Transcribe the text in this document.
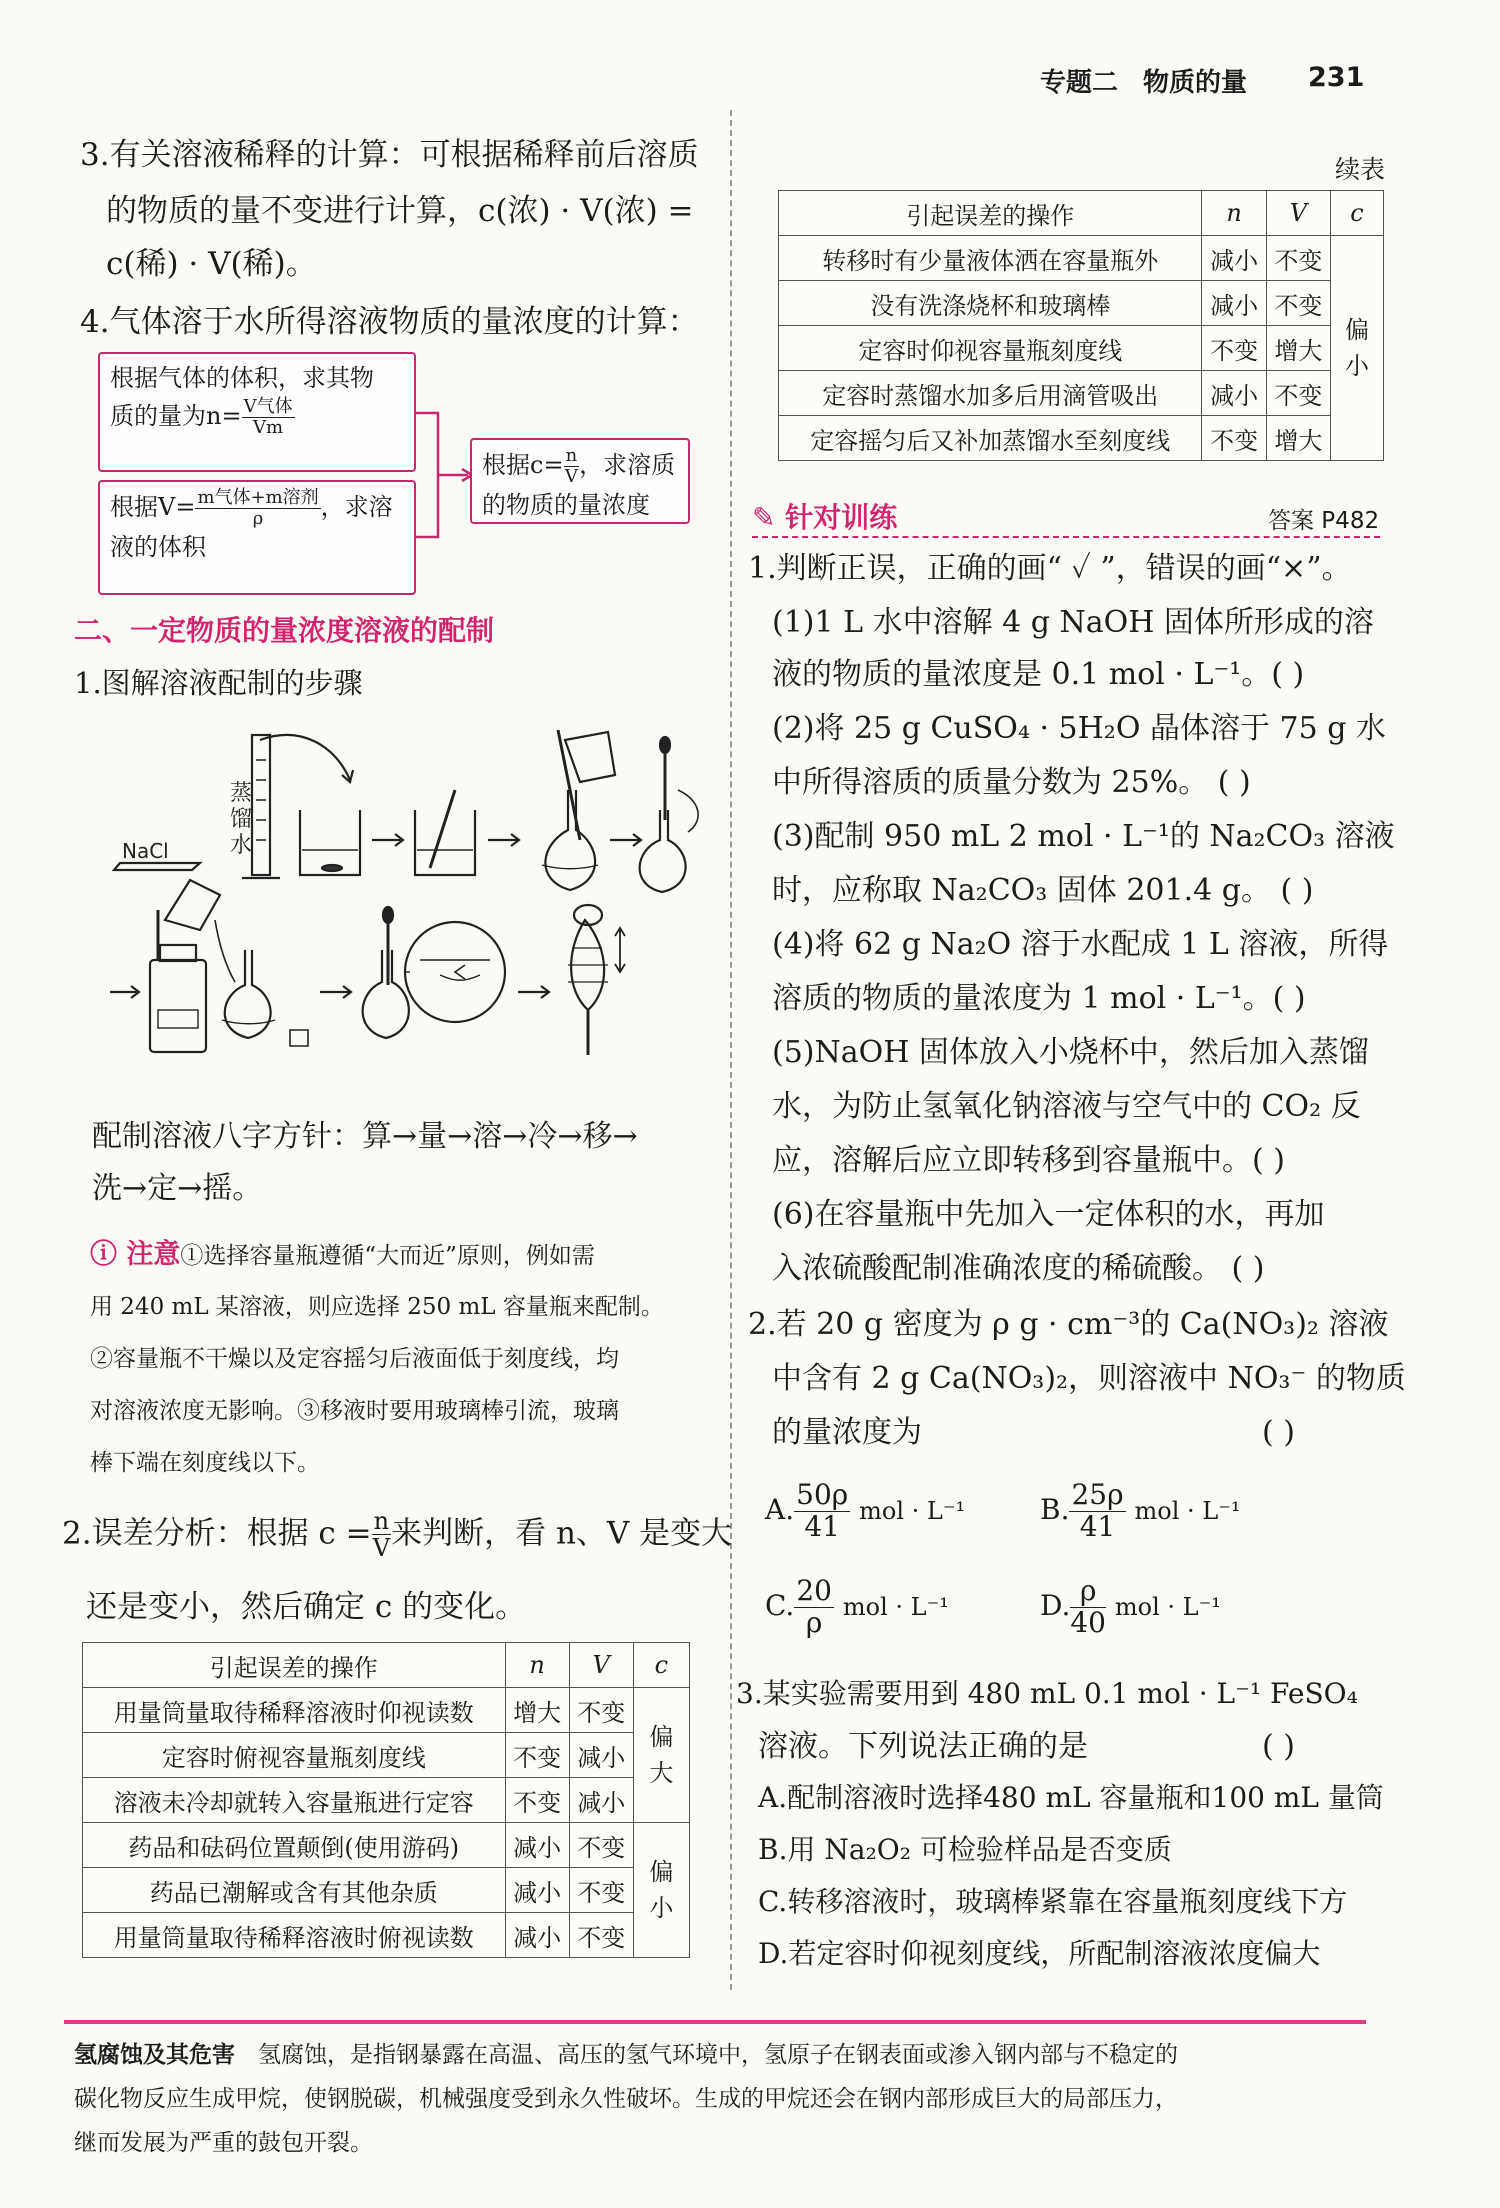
专题二 物质的量 231
3.有关溶液稀释的计算：可根据稀释前后溶质
的物质的量不变进行计算，c(浓) · V(浓) =
c(稀) · V(稀)。
4.气体溶于水所得溶液物质的量浓度的计算：
根据气体的体积，求其物
质的量为$n= \frac{\text{V气体}}{Vm}$
根据$V= \frac{\text{m气体+m溶剂}}{\rho}$ ，求溶
液的体积
根据$c= \frac{n}{V}$ ，求溶质
的物质的量浓度
二、一定物质的量浓度溶液的配制
1.图解溶液配制的步骤
NaCl
蒸
馏
水
配制溶液八字方针：算→量→溶→冷→移→
洗→定→摇。
ⓘ 注意①选择容量瓶遵循“大而近”原则，例如需
用 240 mL 某溶液，则应选择 250 mL 容量瓶来配制。
②容量瓶不干燥以及定容摇匀后液面低于刻度线，均
对溶液浓度无影响。③移液时要用玻璃棒引流，玻璃
棒下端在刻度线以下。
2.误差分析：根据 $c = \frac{n}{V}$ 来判断，看 n、V 是变大
还是变小，然后确定 c 的变化。
引起误差的操作	n	V	c
用量筒量取待稀释溶液时仰视读数	增大	不变	偏
大
定容时俯视容量瓶刻度线	不变	减小	
溶液未冷却就转入容量瓶进行定容	不变	减小	
药品和砝码位置颠倒(使用游码)	减小	不变	偏
小
药品已潮解或含有其他杂质	减小	不变	
用量筒量取待稀释溶液时俯视读数	减小	不变	
续表
引起误差的操作	n	V	c
转移时有少量液体洒在容量瓶外	减小	不变	偏
小
没有洗涤烧杯和玻璃棒	减小	不变	
定容时仰视容量瓶刻度线	不变	增大	
定容时蒸馏水加多后用滴管吸出	减小	不变	
定容摇匀后又补加蒸馏水至刻度线	不变	增大	
✎ 针对训练	答案 P482
1.判断正误，正确的画“ ✓ ”，错误的画“×”。
(1)1 L 水中溶解 4 g NaOH 固体所形成的溶
液的物质的量浓度是 0.1 mol · L⁻¹。( )
(2)将 25 g CuSO₄ · 5H₂O 晶体溶于 75 g 水
中所得溶质的质量分数为 25%。 ( )
(3)配制 950 mL 2 mol · L⁻¹的 Na₂CO₃ 溶液
时，应称取 Na₂CO₃ 固体 201.4 g。 ( )
(4)将 62 g Na₂O 溶于水配成 1 L 溶液，所得
溶质的物质的量浓度为 1 mol · L⁻¹。( )
(5)NaOH 固体放入小烧杯中，然后加入蒸馏
水，为防止氢氧化钠溶液与空气中的 CO₂ 反
应，溶解后应立即转移到容量瓶中。( )
(6)在容量瓶中先加入一定体积的水，再加
入浓硫酸配制准确浓度的稀硫酸。 ( )
2.若 20 g 密度为 ρ g · cm⁻³的 Ca(NO₃)₂ 溶液
中含有 2 g Ca(NO₃)₂，则溶液中 NO₃⁻ 的物质
的量浓度为	( )
A. $\frac{50\rho}{41}$ mol · L⁻¹	B. $\frac{25\rho}{41}$ mol · L⁻¹
C. $\frac{20}{\rho}$ mol · L⁻¹	D. $\frac{\rho}{40}$ mol · L⁻¹
3.某实验需要用到 480 mL 0.1 mol · L⁻¹ FeSO₄
溶液。下列说法正确的是	( )
A.配制溶液时选择480 mL 容量瓶和100 mL 量筒
B.用 Na₂O₂ 可检验样品是否变质
C.转移溶液时，玻璃棒紧靠在容量瓶刻度线下方
D.若定容时仰视刻度线，所配制溶液浓度偏大
氢腐蚀及其危害　 氢腐蚀，是指钢暴露在高温、高压的氢气环境中，氢原子在钢表面或渗入钢内部与不稳定的
碳化物反应生成甲烷，使钢脱碳，机械强度受到永久性破坏。生成的甲烷还会在钢内部形成巨大的局部压力，
继而发展为严重的鼓包开裂。
